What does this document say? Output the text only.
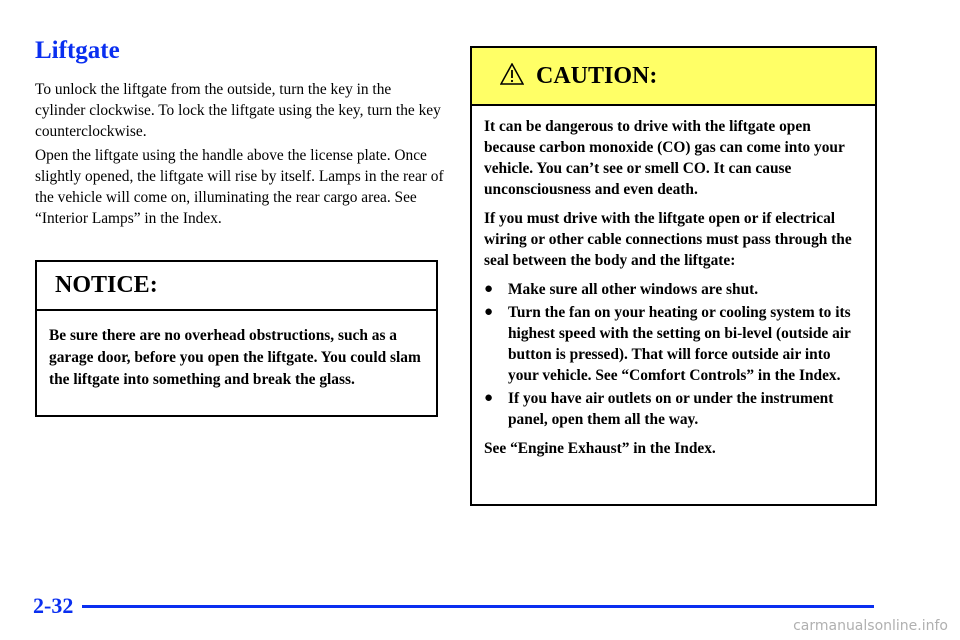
Liftgate

To unlock the liftgate from the outside, turn the key in the cylinder clockwise. To lock the liftgate using the key, turn the key counterclockwise.

Open the liftgate using the handle above the license plate. Once slightly opened, the liftgate will rise by itself. Lamps in the rear of the vehicle will come on, illuminating the rear cargo area. See “Interior Lamps” in the Index.

NOTICE:

Be sure there are no overhead obstructions, such as a garage door, before you open the liftgate. You could slam the liftgate into something and break the glass.

CAUTION:

It can be dangerous to drive with the liftgate open because carbon monoxide (CO) gas can come into your vehicle. You can’t see or smell CO. It can cause unconsciousness and even death.

If you must drive with the liftgate open or if electrical wiring or other cable connections must pass through the seal between the body and the liftgate:

● Make sure all other windows are shut.
● Turn the fan on your heating or cooling system to its highest speed with the setting on bi-level (outside air button is pressed). That will force outside air into your vehicle. See “Comfort Controls” in the Index.
● If you have air outlets on or under the instrument panel, open them all the way.

See “Engine Exhaust” in the Index.

2-32
carmanualsonline.info
